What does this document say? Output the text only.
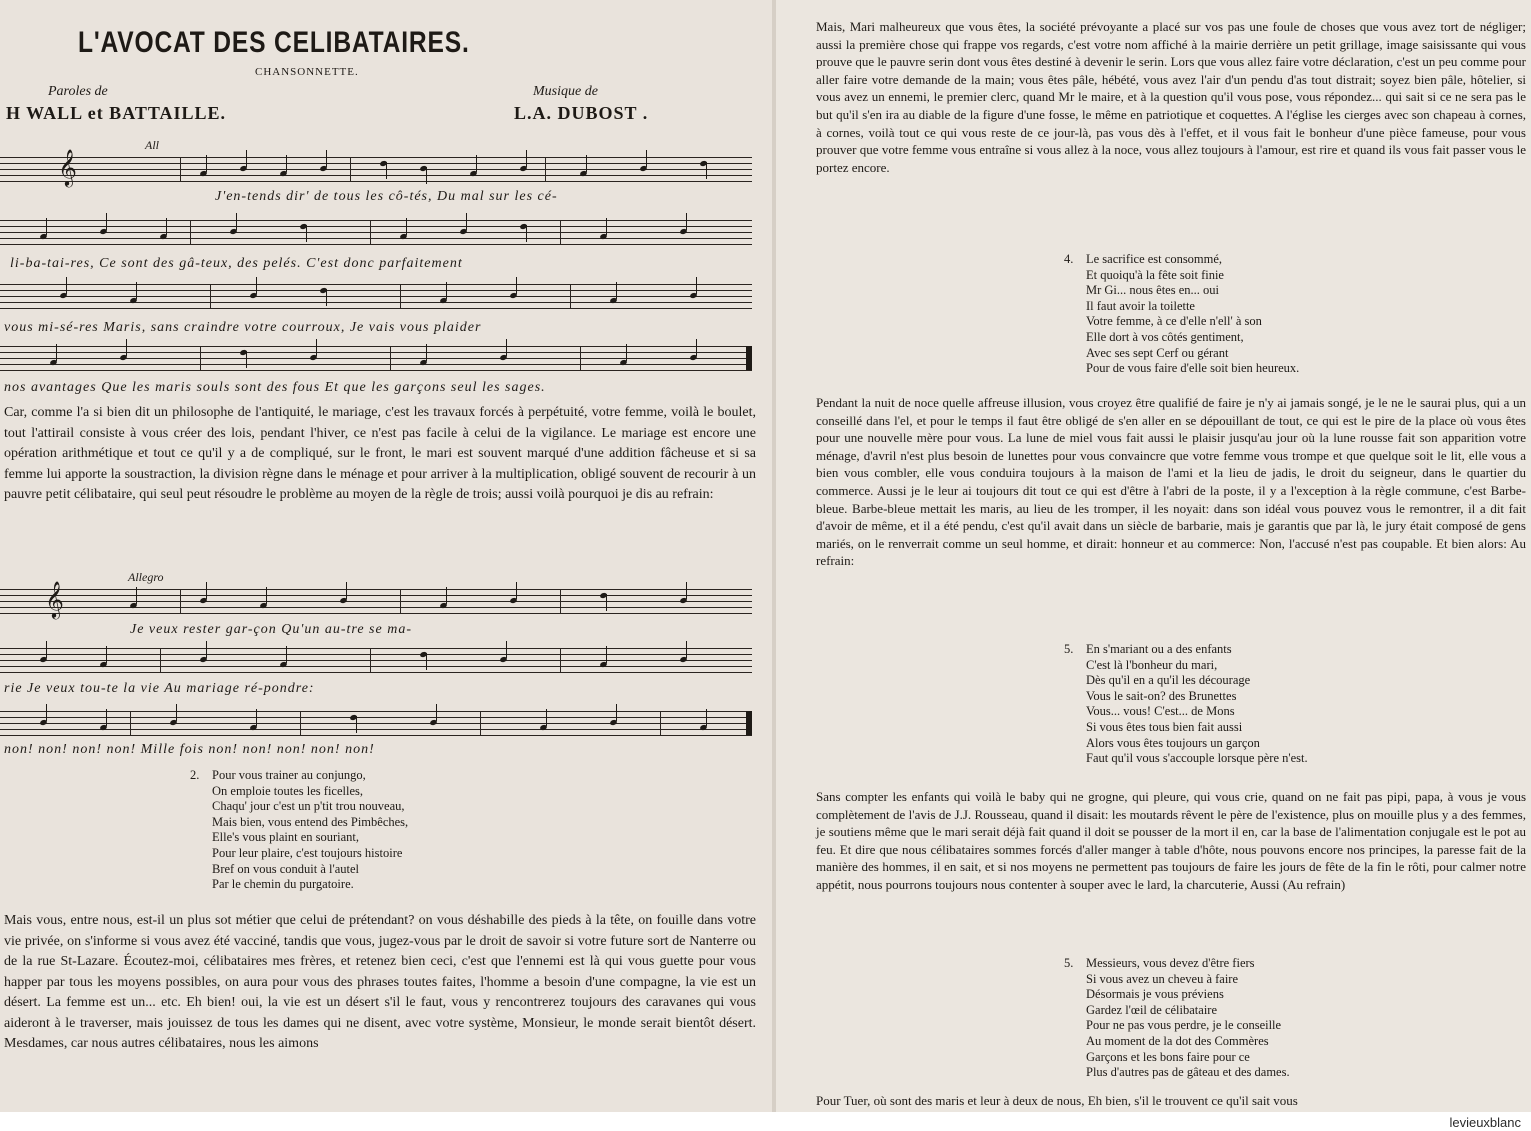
L'AVOCAT DES CELIBATAIRES.
CHANSONNETTE.
Paroles de
H WALL et BATTAILLE.
Musique de
L.A. DUBOST .
All
𝄞
J'en-tends dir' de tous les cô-tés, Du mal sur les cé-
li-ba-tai-res, Ce sont des gâ-teux, des pelés. C'est donc parfaitement
vous mi-sé-res Maris, sans craindre votre courroux, Je vais vous plaider
nos avantages Que les maris souls sont des fous Et que les garçons seul les sages.

Car, comme l'a si bien dit un philosophe de l'antiquité, le mariage, c'est les travaux forcés à perpétuité, votre femme, voilà le boulet, tout l'attirail consiste à vous créer des lois, pendant l'hiver, ce n'est pas facile à celui de la vigilance. Le mariage est encore une opération arithmétique et tout ce qu'il y a de compliqué, sur le front, le mari est souvent marqué d'une addition fâcheuse et si sa femme lui apporte la soustraction, la division règne dans le ménage et pour arriver à la multiplication, obligé souvent de recourir à un pauvre petit célibataire, qui seul peut résoudre le problème au moyen de la règle de trois; aussi voilà pourquoi je dis au refrain:

Allegro
𝄞
Je veux rester gar-çon Qu'un au-tre se ma-
rie Je veux tou-te la vie Au mariage ré-pondre:
non! non! non! non! Mille fois non! non! non! non! non!
2. Pour vous trainer au conjungo,
On emploie toutes les ficelles,
Chaqu' jour c'est un p'tit trou nouveau,
Mais bien, vous entend des Pimbêches,
Elle's vous plaint en souriant,
Pour leur plaire, c'est toujours histoire
Bref on vous conduit à l'autel
Par le chemin du purgatoire.

Mais vous, entre nous, est-il un plus sot métier que celui de prétendant? on vous déshabille des pieds à la tête, on fouille dans votre vie privée, on s'informe si vous avez été vacciné, tandis que vous, jugez-vous par le droit de savoir si votre future sort de Nanterre ou de la rue St-Lazare. Écoutez-moi, célibataires mes frères, et retenez bien ceci, c'est que l'ennemi est là qui vous guette pour vous happer par tous les moyens possibles, on aura pour vous des phrases toutes faites, l'homme a besoin d'une compagne, la vie est un désert. La femme est un... etc. Eh bien! oui, la vie est un désert s'il le faut, vous y rencontrerez toujours des caravanes qui vous aideront à le traverser, mais jouissez de tous les dames qui ne disent, avec votre système, Monsieur, le monde serait bientôt désert. Mesdames, car nous autres célibataires, nous les aimons

Mais, Mari malheureux que vous êtes, la société prévoyante a placé sur vos pas une foule de choses que vous avez tort de négliger; aussi la première chose qui frappe vos regards, c'est votre nom affiché à la mairie derrière un petit grillage, image saisissante qui vous prouve que le pauvre serin dont vous êtes destiné à devenir le serin. Lors que vous allez faire votre déclaration, c'est un peu comme pour aller faire votre demande de la main; vous êtes pâle, hébété, vous avez l'air d'un pendu d'as tout distrait; soyez bien pâle, hôtelier, si vous avez un ennemi, le premier clerc, quand Mr le maire, et à la question qu'il vous pose, vous répondez... qui sait si ce ne sera pas le but qu'il s'en ira au diable de la figure d'une fosse, le même en patriotique et coquettes. A l'église les cierges avec son chapeau à cornes, à cornes, voilà tout ce qui vous reste de ce jour-là, pas vous dès à l'effet, et il vous fait le bonheur d'une pièce fameuse, pour vous prouver que votre femme vous entraîne si vous allez à la noce, vous allez toujours à l'amour, est rire et quand ils vous fait passer vous le portez encore.

4. Le sacrifice est consommé,
Et quoiqu'à la fête soit finie
Mr Gi... nous êtes en... oui
Il faut avoir la toilette
Votre femme, à ce d'elle n'ell' à son
Elle dort à vos côtés gentiment,
Avec ses sept Cerf ou gérant
Pour de vous faire d'elle soit bien heureux.

Pendant la nuit de noce quelle affreuse illusion, vous croyez être qualifié de faire je n'y ai jamais songé, je le ne le saurai plus, qui a un conseillé dans l'el, et pour le temps il faut être obligé de s'en aller en se dépouillant de tout, ce qui est le pire de la place où vous êtes pour une nouvelle mère pour vous. La lune de miel vous fait aussi le plaisir jusqu'au jour où la lune rousse fait son apparition votre ménage, d'avril n'est plus besoin de lunettes pour vous convaincre que votre femme vous trompe et que quelque soit le lit, elle vous a bien vous combler, elle vous conduira toujours à la maison de l'ami et la lieu de jadis, le droit du seigneur, dans le quartier du commerce. Aussi je le leur ai toujours dit tout ce qui est d'être à l'abri de la poste, il y a l'exception à la règle commune, c'est Barbe-bleue. Barbe-bleue mettait les maris, au lieu de les tromper, il les noyait: dans son idéal vous pouvez vous le remontrer, il a dit fait d'avoir de même, et il a été pendu, c'est qu'il avait dans un siècle de barbarie, mais je garantis que par là, le jury était composé de gens mariés, on le renverrait comme un seul homme, et dirait: honneur et au commerce: Non, l'accusé n'est pas coupable. Et bien alors: Au refrain:

5. En s'mariant ou a des enfants
C'est là l'bonheur du mari,
Dès qu'il en a qu'il les décourage
Vous le sait-on? des Brunettes
Vous... vous! C'est... de Mons
Si vous êtes tous bien fait aussi
Alors vous êtes toujours un garçon
Faut qu'il vous s'accouple lorsque père n'est.

Sans compter les enfants qui voilà le baby qui ne grogne, qui pleure, qui vous crie, quand on ne fait pas pipi, papa, à vous je vous complètement de l'avis de J.J. Rousseau, quand il disait: les moutards rêvent le père de l'existence, plus on mouille plus y a des femmes, je soutiens même que le mari serait déjà fait quand il doit se pousser de la mort il en, car la base de l'alimentation conjugale est le pot au feu. Et dire que nous célibataires sommes forcés d'aller manger à table d'hôte, nous pouvons encore nos principes, la paresse fait de la manière des hommes, il en sait, et si nos moyens ne permettent pas toujours de faire les jours de fête de la fin le rôti, pour calmer notre appétit, nous pourrons toujours nous contenter à souper avec le lard, la charcuterie, Aussi (Au refrain)

5. Messieurs, vous devez d'être fiers
Si vous avez un cheveu à faire
Désormais je vous préviens
Gardez l'œil de célibataire
Pour ne pas vous perdre, je le conseille
Au moment de la dot des Commères
Garçons et les bons faire pour ce
Plus d'autres pas de gâteau et des dames.

Pour Tuer, où sont des maris et leur à deux de nous, Eh bien, s'il le trouvent ce qu'il sait vous

levieuxblanc
